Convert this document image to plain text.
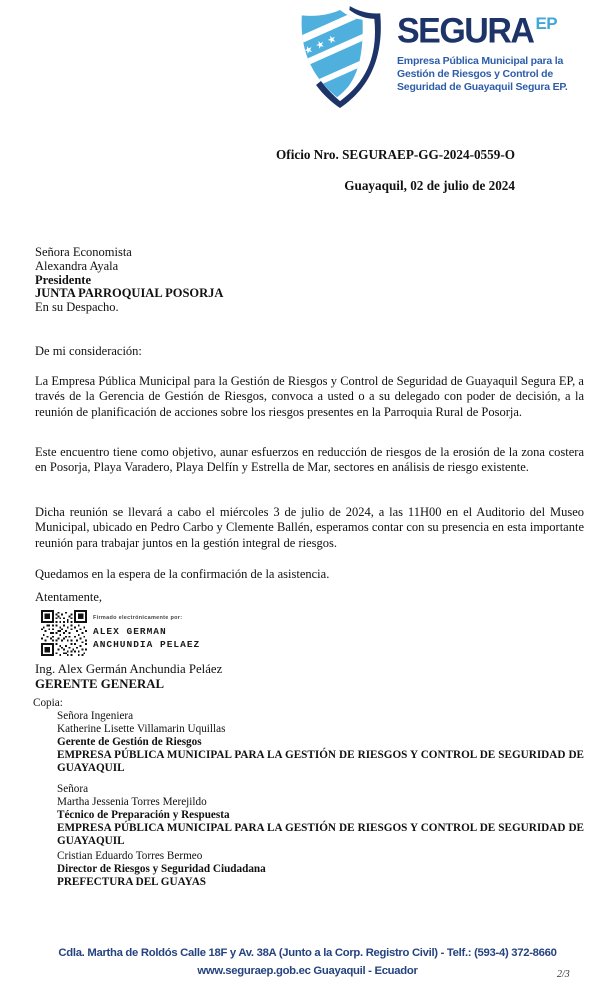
SEGURA EP
Empresa Pública Municipal para la
Gestión de Riesgos y Control de
Seguridad de Guayaquil Segura EP.
Oficio Nro. SEGURAEP-GG-2024-0559-O
Guayaquil, 02 de julio de 2024
Señora Economista
Alexandra Ayala
Presidente
JUNTA PARROQUIAL POSORJA
En su Despacho.
De mi consideración:
La Empresa Pública Municipal para la Gestión de Riesgos y Control de Seguridad de Guayaquil Segura EP, a través de la Gerencia de Gestión de Riesgos, convoca a usted o a su delegado con poder de decisión, a la reunión de planificación de acciones sobre los riesgos presentes en la Parroquia Rural de Posorja.
Este encuentro tiene como objetivo, aunar esfuerzos en reducción de riesgos de la erosión de la zona costera en Posorja, Playa Varadero, Playa Delfín y Estrella de Mar, sectores en análisis de riesgo existente.
Dicha reunión se llevará a cabo el miércoles 3 de julio de 2024, a las 11H00 en el Auditorio del Museo Municipal, ubicado en Pedro Carbo y Clemente Ballén, esperamos contar con su presencia en esta importante reunión para trabajar juntos en la gestión integral de riesgos.
Quedamos en la espera de la confirmación de la asistencia.
Atentamente,
Firmado electrónicamente por:
ALEX GERMAN
ANCHUNDIA PELAEZ
Ing. Alex Germán Anchundia Peláez
GERENTE GENERAL
Copia:
Señora Ingeniera
Katherine Lisette Villamarin Uquillas
Gerente de Gestión de Riesgos
EMPRESA PÚBLICA MUNICIPAL PARA LA GESTIÓN DE RIESGOS Y CONTROL DE SEGURIDAD DE GUAYAQUIL
Señora
Martha Jessenia Torres Merejildo
Técnico de Preparación y Respuesta
EMPRESA PÚBLICA MUNICIPAL PARA LA GESTIÓN DE RIESGOS Y CONTROL DE SEGURIDAD DE GUAYAQUIL
Cristian Eduardo Torres Bermeo
Director de Riesgos y Seguridad Ciudadana
PREFECTURA DEL GUAYAS
Cdla. Martha de Roldós Calle 18F y Av. 38A (Junto a la Corp. Registro Civil) - Telf.: (593-4) 372-8660
www.seguraep.gob.ec Guayaquil - Ecuador	2/3
